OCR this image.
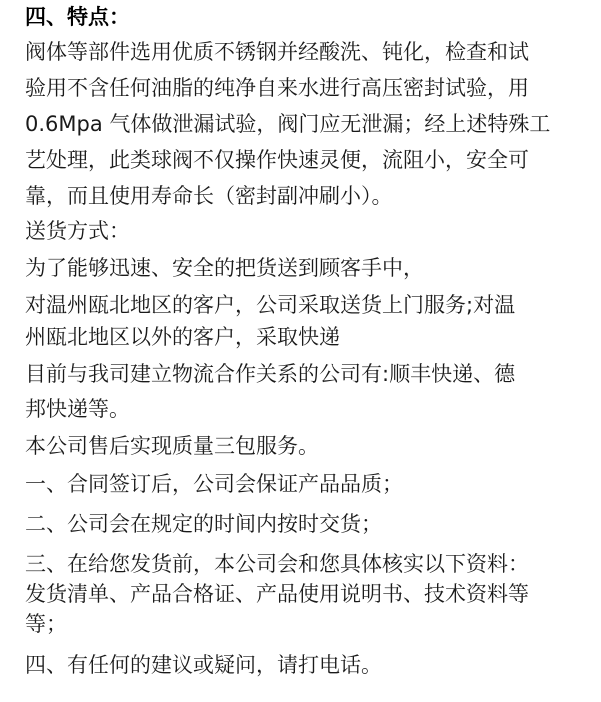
四、特点：
阀体等部件选用优质不锈钢并经酸洗、钝化，检查和试
验用不含任何油脂的纯净自来水进行高压密封试验，用
0.6Mpa 气体做泄漏试验，阀门应无泄漏；经上述特殊工
艺处理，此类球阀不仅操作快速灵便，流阻小，安全可
靠，而且使用寿命长（密封副冲刷小）。
送货方式：
为了能够迅速、安全的把货送到顾客手中，
对温州瓯北地区的客户，公司采取送货上门服务;对温
州瓯北地区以外的客户，采取快递
目前与我司建立物流合作关系的公司有:顺丰快递、德
邦快递等。
本公司售后实现质量三包服务。
一、合同签订后，公司会保证产品品质；
二、公司会在规定的时间内按时交货；
三、在给您发货前，本公司会和您具体核实以下资料：
发货清单、产品合格证、产品使用说明书、技术资料等
等；
四、有任何的建议或疑问，请打电话。
